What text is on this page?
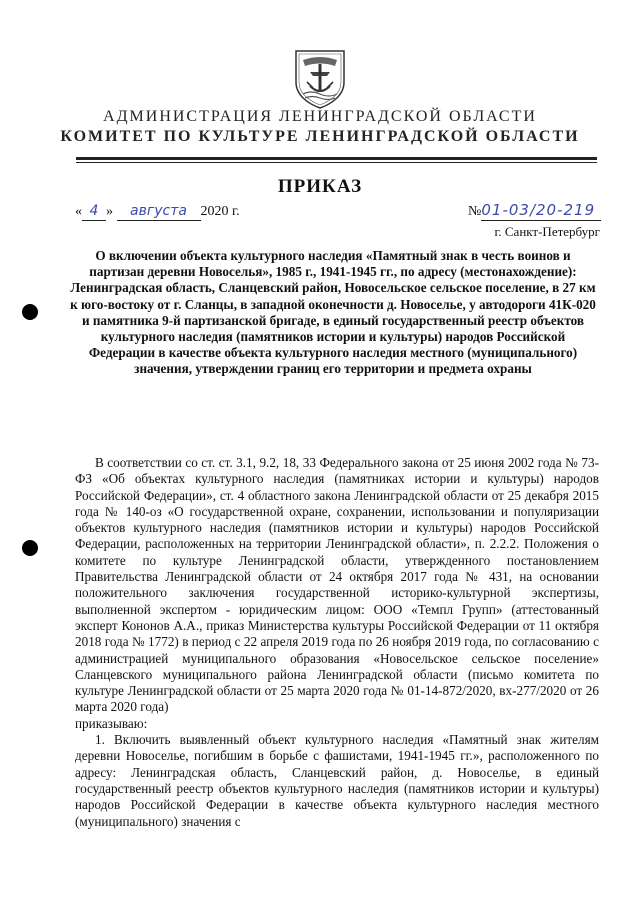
АДМИНИСТРАЦИЯ ЛЕНИНГРАДСКОЙ ОБЛАСТИ
КОМИТЕТ ПО КУЛЬТУРЕ ЛЕНИНГРАДСКОЙ ОБЛАСТИ
ПРИКАЗ
« 4 » августа 2020 г.	№01-03/20-219
г. Санкт-Петербург
О включении объекта культурного наследия «Памятный знак в честь воинов и партизан деревни Новоселья», 1985 г., 1941-1945 гг., по адресу (местонахождение): Ленинградская область, Сланцевский район, Новосельское сельское поселение, в 27 км к юго-востоку от г. Сланцы, в западной оконечности д. Новоселье, у автодороги 41К-020 и памятника 9-й партизанской бригаде, в единый государственный реестр объектов культурного наследия (памятников истории и культуры) народов Российской Федерации в качестве объекта культурного наследия местного (муниципального) значения, утверждении границ его территории и предмета охраны

В соответствии со ст. ст. 3.1, 9.2, 18, 33 Федерального закона от 25 июня 2002 года № 73-ФЗ «Об объектах культурного наследия (памятниках истории и культуры) народов Российской Федерации», ст. 4 областного закона Ленинградской области от 25 декабря 2015 года № 140-оз «О государственной охране, сохранении, использовании и популяризации объектов культурного наследия (памятников истории и культуры) народов Российской Федерации, расположенных на территории Ленинградской области», п. 2.2.2. Положения о комитете по культуре Ленинградской области, утвержденного постановлением Правительства Ленинградской области от 24 октября 2017 года № 431, на основании положительного заключения государственной историко-культурной экспертизы, выполненной экспертом - юридическим лицом: ООО «Темпл Групп» (аттестованный эксперт Кононов А.А., приказ Министерства культуры Российской Федерации от 11 октября 2018 года № 1772) в период с 22 апреля 2019 года по 26 ноября 2019 года, по согласованию с администрацией муниципального образования «Новосельское сельское поселение» Сланцевского муниципального района Ленинградской области (письмо комитета по культуре Ленинградской области от 25 марта 2020 года № 01-14-872/2020, вх-277/2020 от 26 марта 2020 года)

приказываю:

1. Включить выявленный объект культурного наследия «Памятный знак жителям деревни Новоселье, погибшим в борьбе с фашистами, 1941-1945 гг.», расположенного по адресу: Ленинградская область, Сланцевский район, д. Новоселье, в единый государственный реестр объектов культурного наследия (памятников истории и культуры) народов Российской Федерации в качестве объекта культурного наследия местного (муниципального) значения с
